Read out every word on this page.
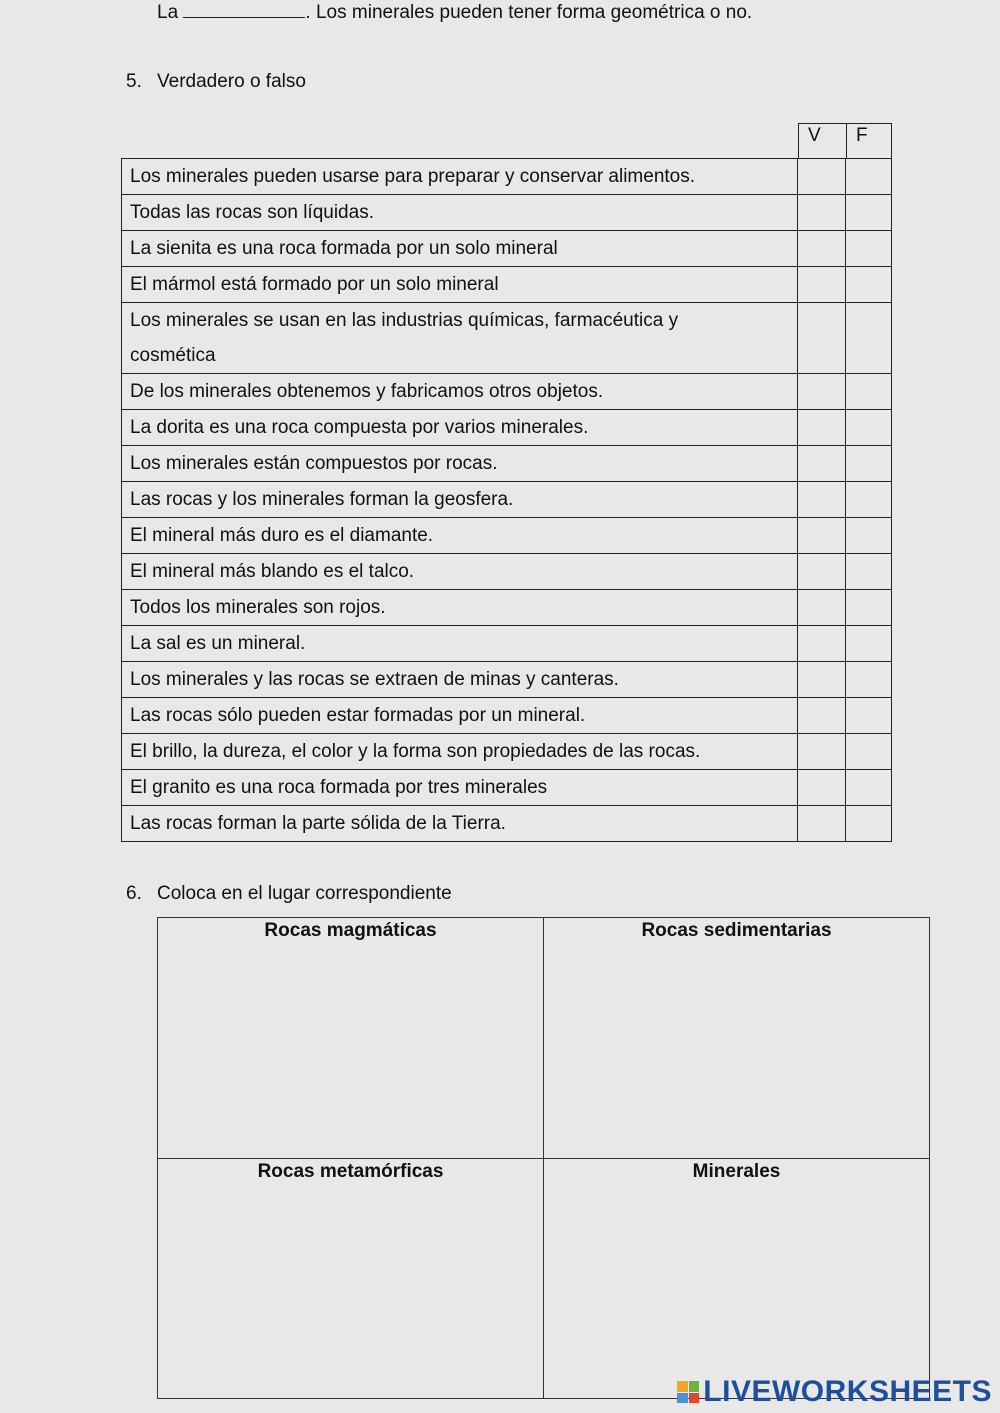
La	. Los minerales pueden tener forma geométrica o no.
5. Verdadero o falso
V	F
Los minerales pueden usarse para preparar y conservar alimentos.
Todas las rocas son líquidas.
La sienita es una roca formada por un solo mineral
El mármol está formado por un solo mineral
Los minerales se usan en las industrias químicas, farmacéutica y
cosmética
De los minerales obtenemos y fabricamos otros objetos.
La dorita es una roca compuesta por varios minerales.
Los minerales están compuestos por rocas.
Las rocas y los minerales forman la geosfera.
El mineral más duro es el diamante.
El mineral más blando es el talco.
Todos los minerales son rojos.
La sal es un mineral.
Los minerales y las rocas se extraen de minas y canteras.
Las rocas sólo pueden estar formadas por un mineral.
El brillo, la dureza, el color y la forma son propiedades de las rocas.
El granito es una roca formada por tres minerales
Las rocas forman la parte sólida de la Tierra.
6. Coloca en el lugar correspondiente
Rocas magmáticas	Rocas sedimentarias
Rocas metamórficas	Minerales
LIVEWORKSHEETS
